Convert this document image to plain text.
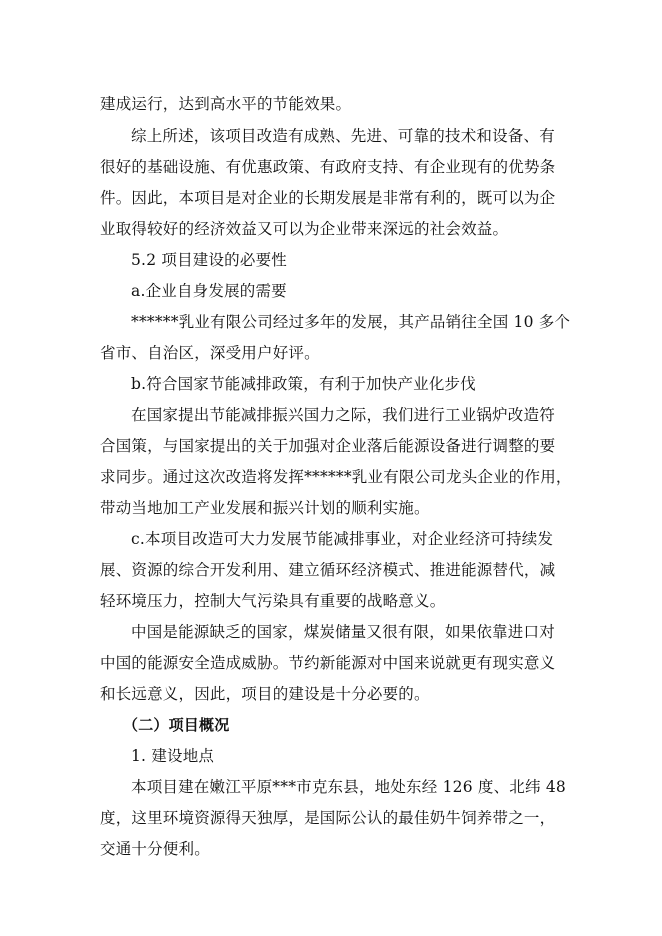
建成运行，达到高水平的节能效果。
综上所述，该项目改造有成熟、先进、可靠的技术和设备、有
很好的基础设施、有优惠政策、有政府支持、有企业现有的优势条
件。因此，本项目是对企业的长期发展是非常有利的，既可以为企
业取得较好的经济效益又可以为企业带来深远的社会效益。
5.2 项目建设的必要性
a.企业自身发展的需要
******乳业有限公司经过多年的发展，其产品销往全国 10 多个
省市、自治区，深受用户好评。
b.符合国家节能减排政策，有利于加快产业化步伐
在国家提出节能减排振兴国力之际，我们进行工业锅炉改造符
合国策，与国家提出的关于加强对企业落后能源设备进行调整的要
求同步。通过这次改造将发挥******乳业有限公司龙头企业的作用，
带动当地加工产业发展和振兴计划的顺利实施。
c.本项目改造可大力发展节能减排事业，对企业经济可持续发
展、资源的综合开发利用、建立循环经济模式、推进能源替代，减
轻环境压力，控制大气污染具有重要的战略意义。
中国是能源缺乏的国家，煤炭储量又很有限，如果依靠进口对
中国的能源安全造成威胁。节约新能源对中国来说就更有现实意义
和长远意义，因此，项目的建设是十分必要的。
（二）项目概况
1. 建设地点
本项目建在嫩江平原***市克东县，地处东经 126 度、北纬 48
度，这里环境资源得天独厚，是国际公认的最佳奶牛饲养带之一，
交通十分便利。
